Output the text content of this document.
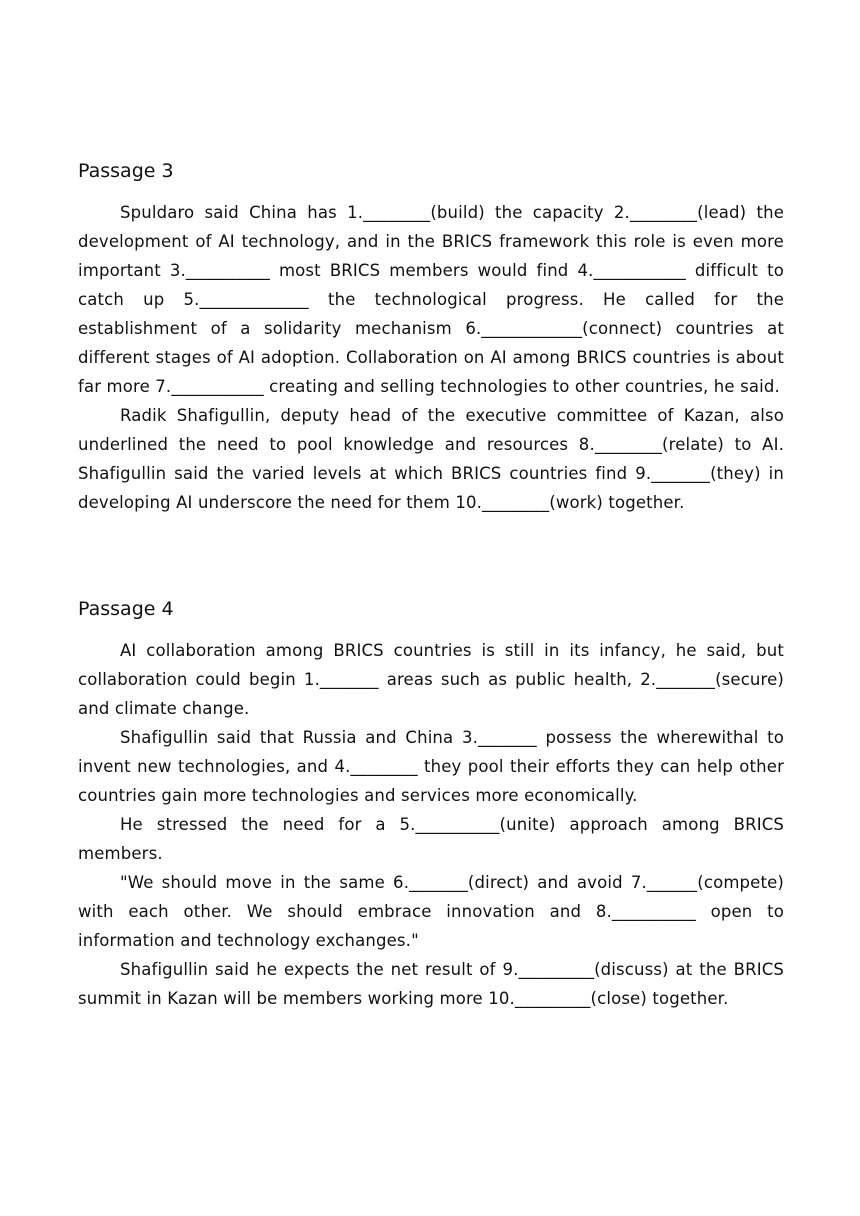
Passage 3

Spuldaro said China has 1.________(build) the capacity 2.________(lead) the development of AI technology, and in the BRICS framework this role is even more important 3.__________ most BRICS members would find 4.___________ difficult to catch up 5._____________ the technological progress. He called for the establishment of a solidarity mechanism 6.____________(connect) countries at different stages of AI adoption. Collaboration on AI among BRICS countries is about far more 7.___________ creating and selling technologies to other countries, he said.

Radik Shafigullin, deputy head of the executive committee of Kazan, also underlined the need to pool knowledge and resources 8.________(relate) to AI. Shafigullin said the varied levels at which BRICS countries find 9._______(they) in developing AI underscore the need for them 10.________(work) together.

Passage 4

AI collaboration among BRICS countries is still in its infancy, he said, but collaboration could begin 1._______ areas such as public health, 2._______(secure) and climate change.

Shafigullin said that Russia and China 3._______ possess the wherewithal to invent new technologies, and 4.________ they pool their efforts they can help other countries gain more technologies and services more economically.

He stressed the need for a 5.__________(unite) approach among BRICS members.

"We should move in the same 6._______(direct) and avoid 7.______(compete) with each other. We should embrace innovation and 8.__________ open to information and technology exchanges."

Shafigullin said he expects the net result of 9._________(discuss) at the BRICS summit in Kazan will be members working more 10._________(close) together.
